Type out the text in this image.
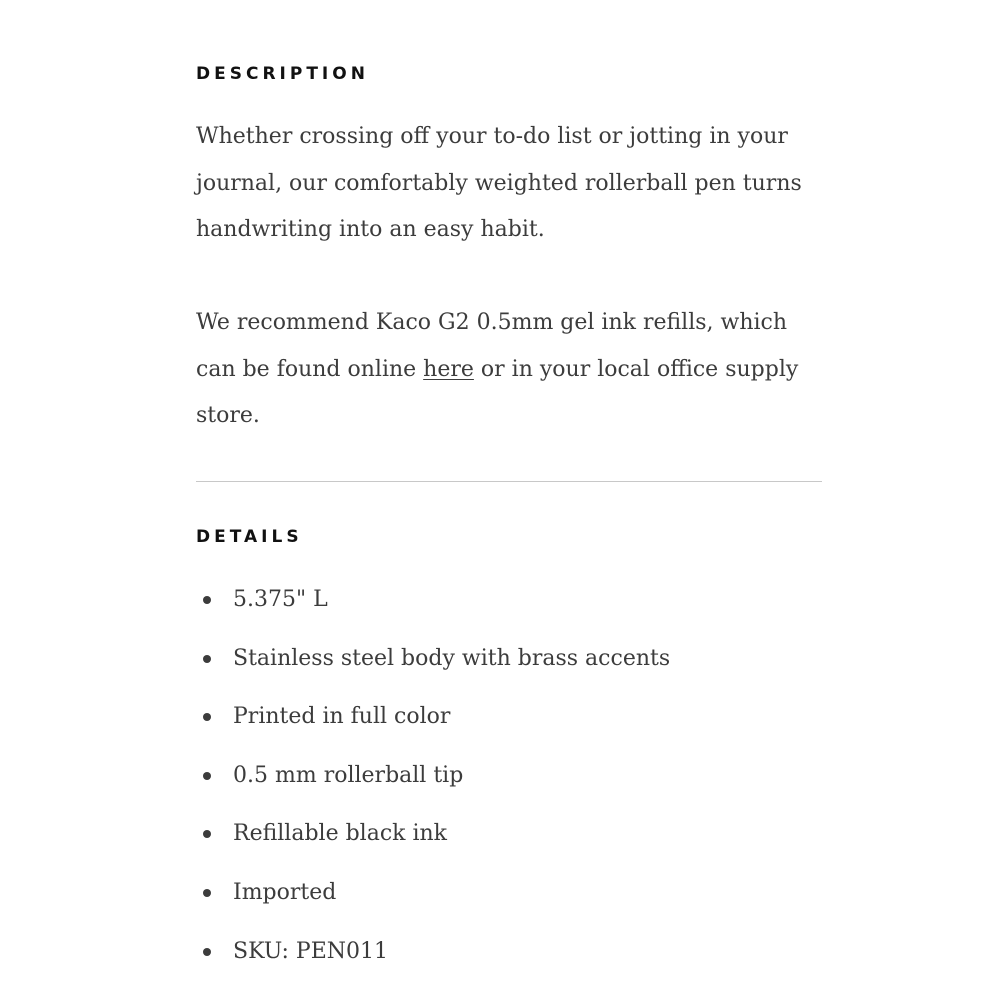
DESCRIPTION

Whether crossing off your to-do list or jotting in your journal, our comfortably weighted rollerball pen turns handwriting into an easy habit.

We recommend Kaco G2 0.5mm gel ink refills, which can be found online here or in your local office supply store.

DETAILS
5.375" L
Stainless steel body with brass accents
Printed in full color
0.5 mm rollerball tip
Refillable black ink
Imported
SKU: PEN011
